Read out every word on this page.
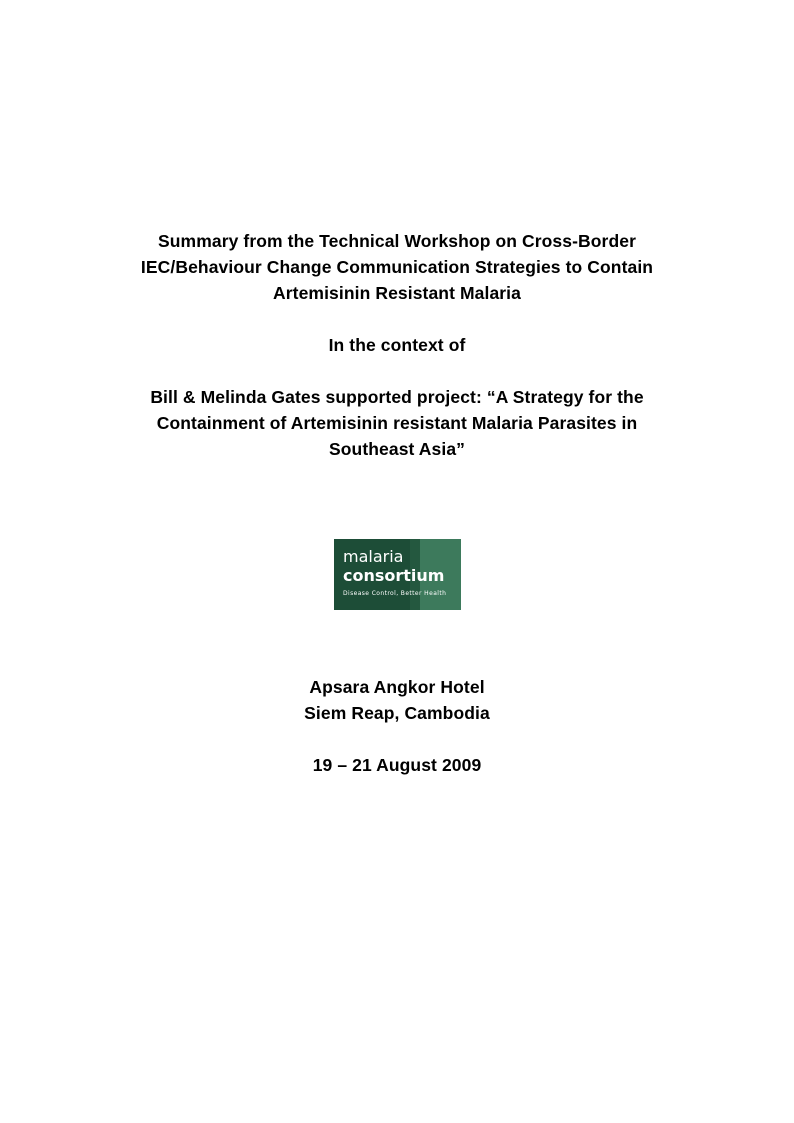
Summary from the Technical Workshop on Cross-Border
IEC/Behaviour Change Communication Strategies to Contain
Artemisinin Resistant Malaria
In the context of
Bill & Melinda Gates supported project: “A Strategy for the
Containment of Artemisinin resistant Malaria Parasites in
Southeast Asia”
malaria
consortium
Disease Control, Better Health
Apsara Angkor Hotel
Siem Reap, Cambodia
19 – 21 August 2009
